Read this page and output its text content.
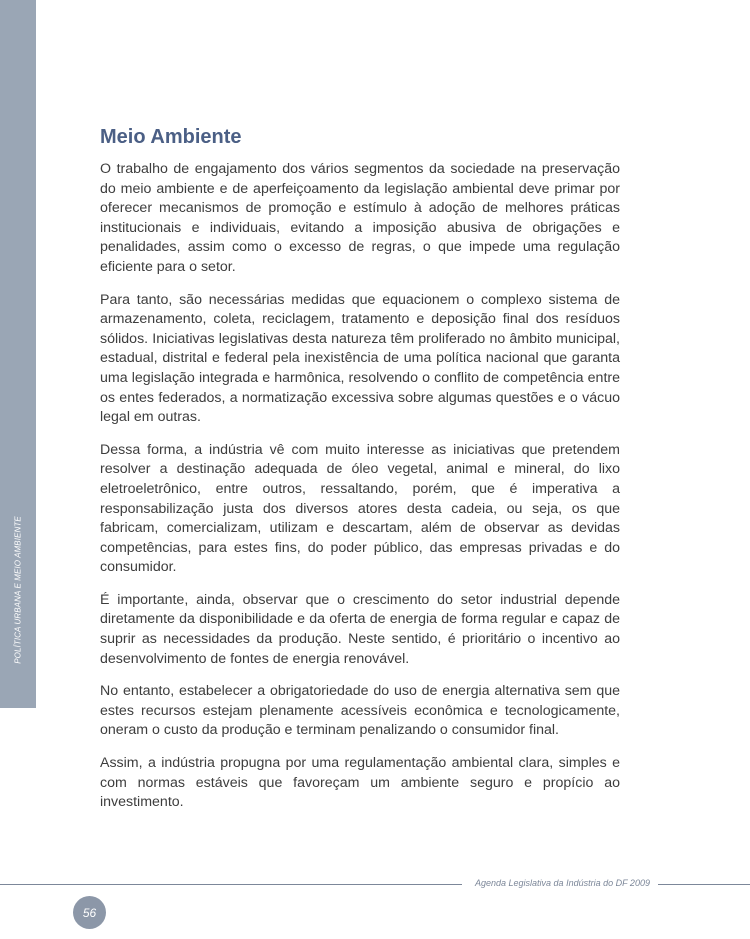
POLÍTICA URBANA E MEIO AMBIENTE
Meio Ambiente

O trabalho de engajamento dos vários segmentos da sociedade na preservação do meio ambiente e de aperfeiçoamento da legislação ambiental deve primar por oferecer mecanismos de promoção e estímulo à adoção de melhores práticas institucionais e individuais, evitando a imposição abusiva de obrigações e penalidades, assim como o excesso de regras, o que impede uma regulação eficiente para o setor.

Para tanto, são necessárias medidas que equacionem o complexo sistema de armazenamento, coleta, reciclagem, tratamento e deposição final dos resíduos sólidos. Iniciativas legislativas desta natureza têm proliferado no âmbito municipal, estadual, distrital e federal pela inexistência de uma política nacional que garanta uma legislação integrada e harmônica, resolvendo o conflito de competência entre os entes federados, a normatização excessiva sobre algumas questões e o vácuo legal em outras.

Dessa forma, a indústria vê com muito interesse as iniciativas que pretendem resolver a destinação adequada de óleo vegetal, animal e mineral, do lixo eletroeletrônico, entre outros, ressaltando, porém, que é imperativa a responsabilização justa dos diversos atores desta cadeia, ou seja, os que fabricam, comercializam, utilizam e descartam, além de observar as devidas competências, para estes fins, do poder público, das empresas privadas e do consumidor.

É importante, ainda, observar que o crescimento do setor industrial depende diretamente da disponibilidade e da oferta de energia de forma regular e capaz de suprir as necessidades da produção. Neste sentido, é prioritário o incentivo ao desenvolvimento de fontes de energia renovável.

No entanto, estabelecer a obrigatoriedade do uso de energia alternativa sem que estes recursos estejam plenamente acessíveis econômica e tecnologicamente, oneram o custo da produção e terminam penalizando o consumidor final.

Assim, a indústria propugna por uma regulamentação ambiental clara, simples e com normas estáveis que favoreçam um ambiente seguro e propício ao investimento.

Agenda Legislativa da Indústria do DF 2009
56
